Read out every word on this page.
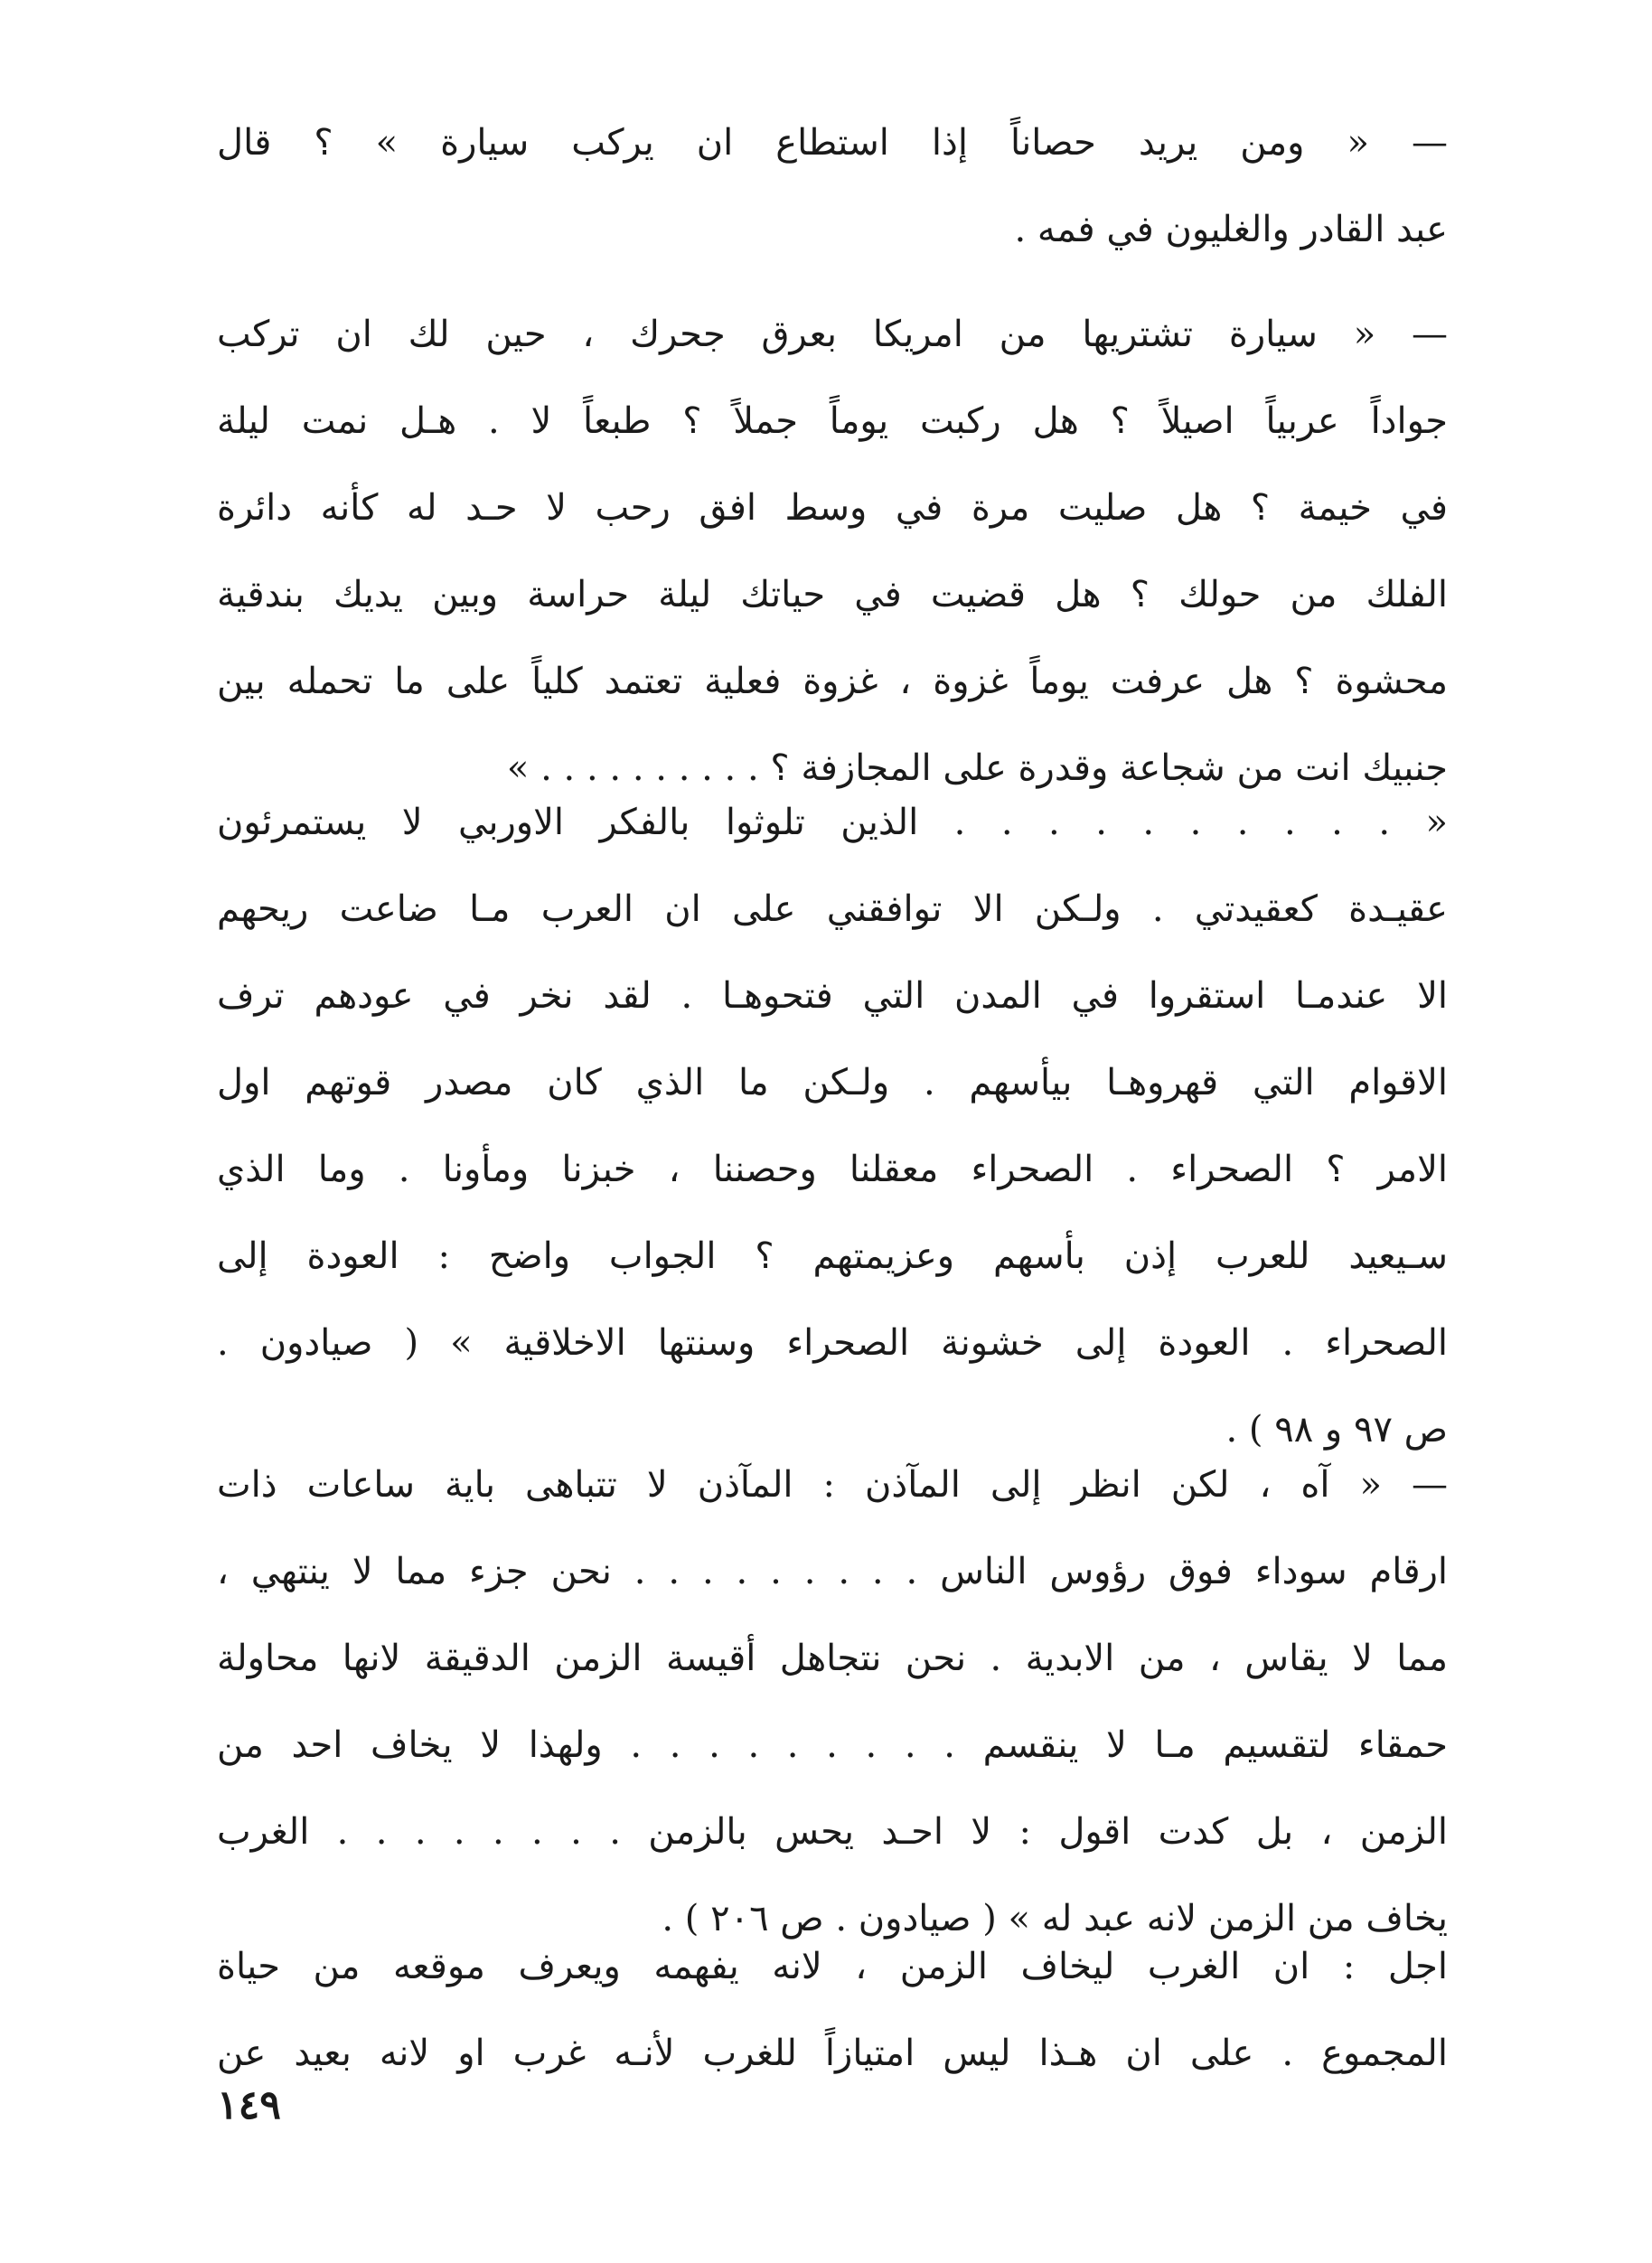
— « ومن يريد حصاناً إذا استطاع ان يركب سيارة » ؟ قال
عبد القادر والغليون في فمه .
— « سيارة تشتريها من امريكا بعرق جحرك ، حين لك ان تركب
جواداً عربياً اصيلاً ؟ هل ركبت يوماً جملاً ؟ طبعاً لا . هـل نمت ليلة
في خيمة ؟ هل صليت مرة في وسط افق رحب لا حـد له كأنه دائرة
الفلك من حولك ؟ هل قضيت في حياتك ليلة حراسة وبين يديك بندقية
محشوة ؟ هل عرفت يوماً غزوة ، غزوة فعلية تعتمد كلياً على ما تحمله بين
جنبيك انت من شجاعة وقدرة على المجازفة ؟ . . . . . . . . . . »
« . . . . . . . . . . الذين تلوثوا بالفكر الاوربي لا يستمرئون
عقيـدة كعقيدتي . ولـكن الا توافقني على ان العرب مـا ضاعت ريحهم
الا عندمـا استقروا في المدن التي فتحوهـا . لقد نخر في عودهم ترف
الاقوام التي قهروهـا بيأسهم . ولـكن ما الذي كان مصدر قوتهم اول
الامر ؟ الصحراء . الصحراء معقلنا وحصننا ، خبزنا ومأونا . وما الذي
سـيعيد للعرب إذن بأسهم وعزيمتهم ؟ الجواب واضح : العودة إلى
الصحراء . العودة إلى خشونة الصحراء وسنتها الاخلاقية » ( صيادون .
ص ٩٧ و ٩٨ ) .
— « آه ، لكن انظر إلى المآذن : المآذن لا تتباهى باية ساعات ذات
ارقام سوداء فوق رؤوس الناس . . . . . . . . . نحن جزء مما لا ينتهي ،
مما لا يقاس ، من الابدية . نحن نتجاهل أقيسة الزمن الدقيقة لانها محاولة
حمقاء لتقسيم مـا لا ينقسم . . . . . . . . . ولهذا لا يخاف احد من
الزمن ، بل كدت اقول : لا احـد يحس بالزمن . . . . . . . . الغرب
يخاف من الزمن لانه عبد له » ( صيادون . ص ٢٠٦ ) .
اجل : ان الغرب ليخاف الزمن ، لانه يفهمه ويعرف موقعه من حياة
المجموع . على ان هـذا ليس امتيازاً للغرب لأنـه غرب او لانه بعيد عن
١٤٩
